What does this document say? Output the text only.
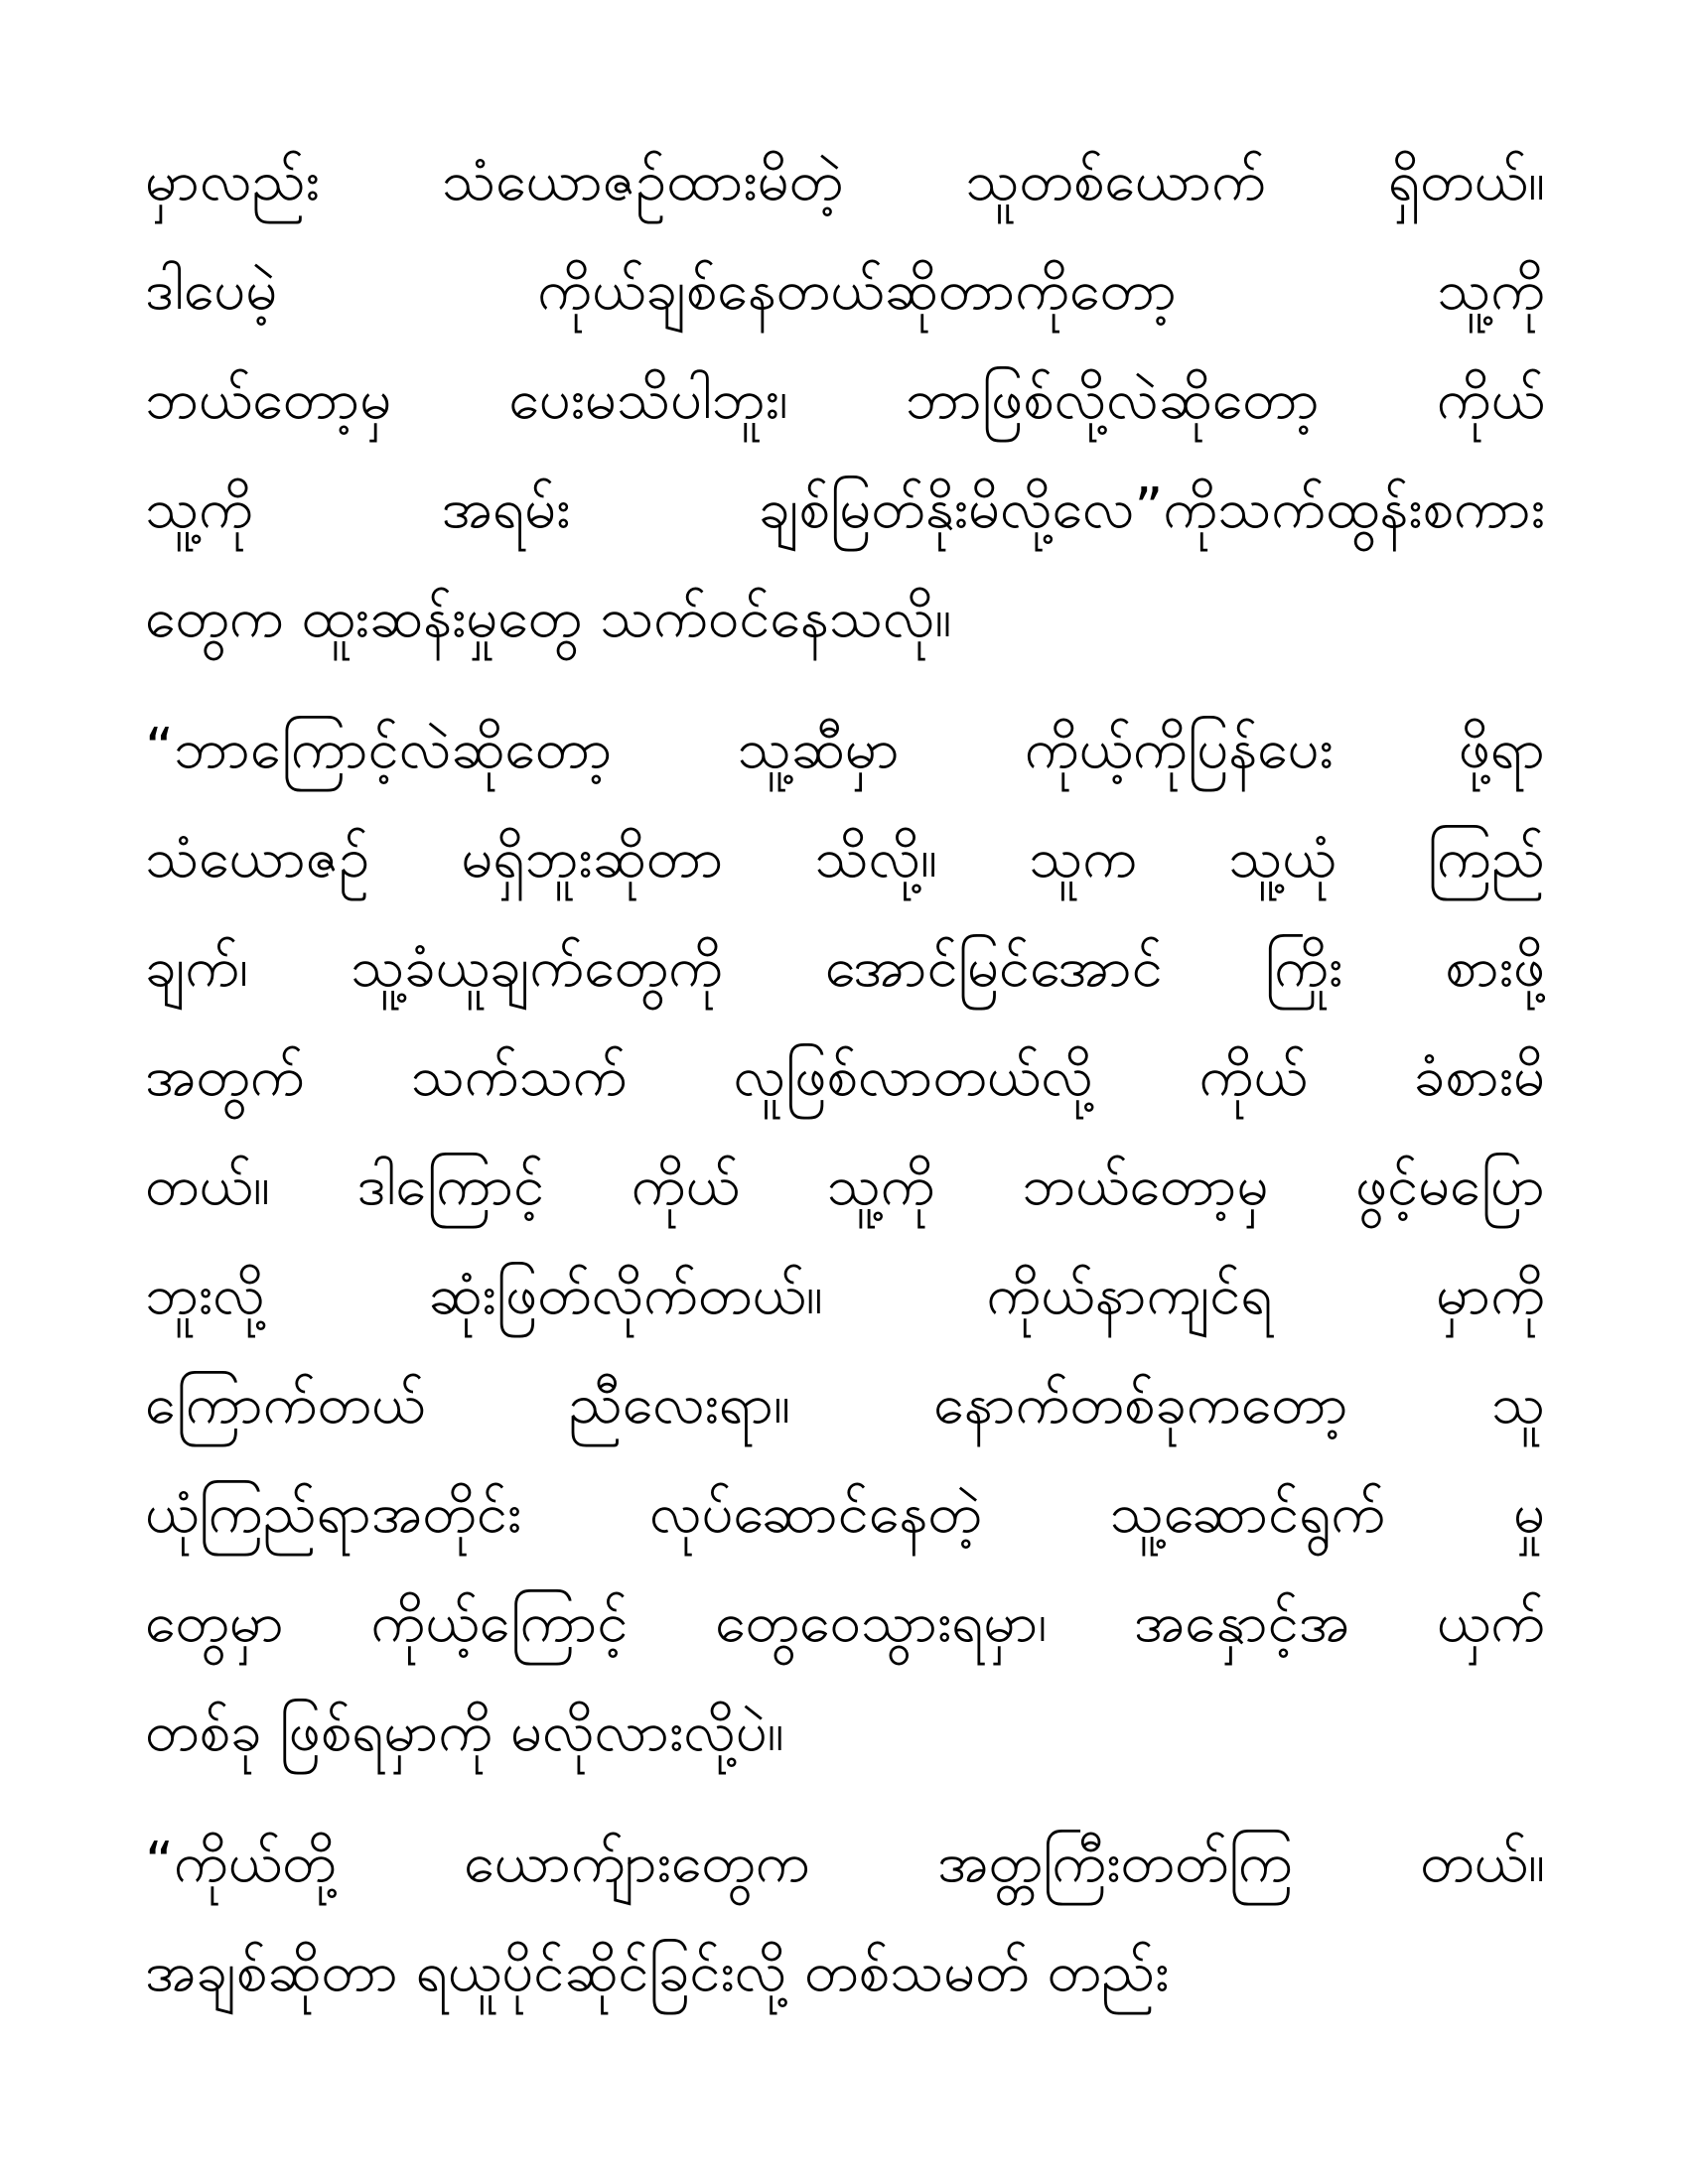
မှာလည်း သံယောဇဉ်ထားမိတဲ့ သူတစ်ယောက် ရှိတယ်။
ဒါပေမဲ့ ကိုယ်ချစ်နေတယ်ဆိုတာကိုတော့ သူ့ကို
ဘယ်တော့မှ ပေးမသိပါဘူး၊ ဘာဖြစ်လို့လဲဆိုတော့ ကိုယ်
သူ့ကို အရမ်း ချစ်မြတ်နိုးမိလို့လေ”ကိုသက်ထွန်းစကား
တွေက ထူးဆန်းမှုတွေ သက်ဝင်နေသလို။
“ဘာကြောင့်လဲဆိုတော့ သူ့ဆီမှာ ကိုယ့်ကိုပြန်ပေး ဖို့ရာ
သံယောဇဉ် မရှိဘူးဆိုတာ သိလို့။ သူက သူ့ယုံ ကြည်
ချက်၊ သူ့ခံယူချက်တွေကို အောင်မြင်အောင် ကြိုး စားဖို့
အတွက် သက်သက် လူဖြစ်လာတယ်လို့ ကိုယ် ခံစားမိ
တယ်။ ဒါကြောင့် ကိုယ် သူ့ကို ဘယ်တော့မှ ဖွင့်မပြော
ဘူးလို့ ဆုံးဖြတ်လိုက်တယ်။ ကိုယ်နာကျင်ရ မှာကို
ကြောက်တယ် ညီလေးရာ။ နောက်တစ်ခုကတော့ သူ
ယုံကြည်ရာအတိုင်း လုပ်ဆောင်နေတဲ့ သူ့ဆောင်ရွက် မှု
တွေမှာ ကိုယ့်ကြောင့် တွေဝေသွားရမှာ၊ အနှောင့်အ ယှက်
တစ်ခု ဖြစ်ရမှာကို မလိုလားလို့ပဲ။
“ကိုယ်တို့ ယောက်ျားတွေက အတ္တကြီးတတ်ကြ တယ်။
အချစ်ဆိုတာ ရယူပိုင်ဆိုင်ခြင်းလို့ တစ်သမတ် တည်း
